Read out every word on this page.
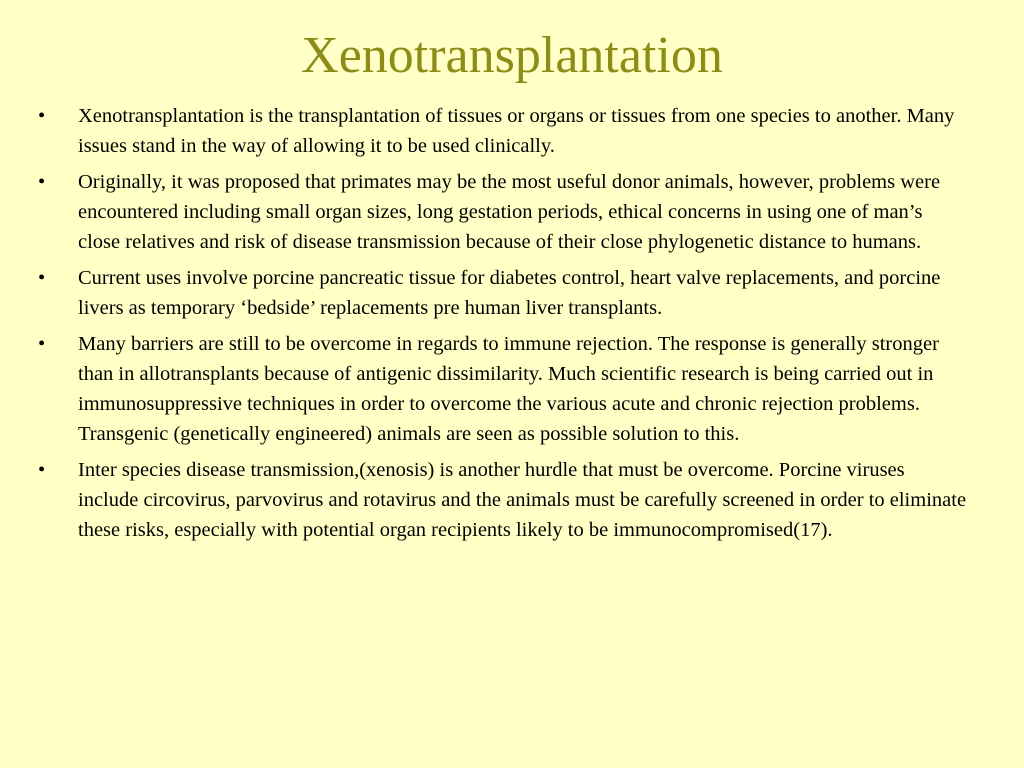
Xenotransplantation
•	Xenotransplantation is the transplantation of tissues or organs or tissues from one species to another. Many issues stand in the way of allowing it to be used clinically.
•	Originally, it was proposed that primates may be the most useful donor animals, however, problems were encountered including small organ sizes, long gestation periods, ethical concerns in using one of man’s close relatives and risk of disease transmission because of their close phylogenetic distance to humans.
•	Current uses involve porcine pancreatic tissue for diabetes control, heart valve replacements, and porcine livers as temporary ‘bedside’ replacements pre human liver transplants.
•	Many barriers are still to be overcome in regards to immune rejection. The response is generally stronger than in allotransplants because of antigenic dissimilarity. Much scientific research is being carried out in immunosuppressive techniques in order to overcome the various acute and chronic rejection problems. Transgenic (genetically engineered) animals are seen as possible solution to this.
•	Inter species disease transmission,(xenosis) is another hurdle that must be overcome. Porcine viruses include circovirus, parvovirus and rotavirus and the animals must be carefully screened in order to eliminate these risks, especially with potential organ recipients likely to be immunocompromised(17).
